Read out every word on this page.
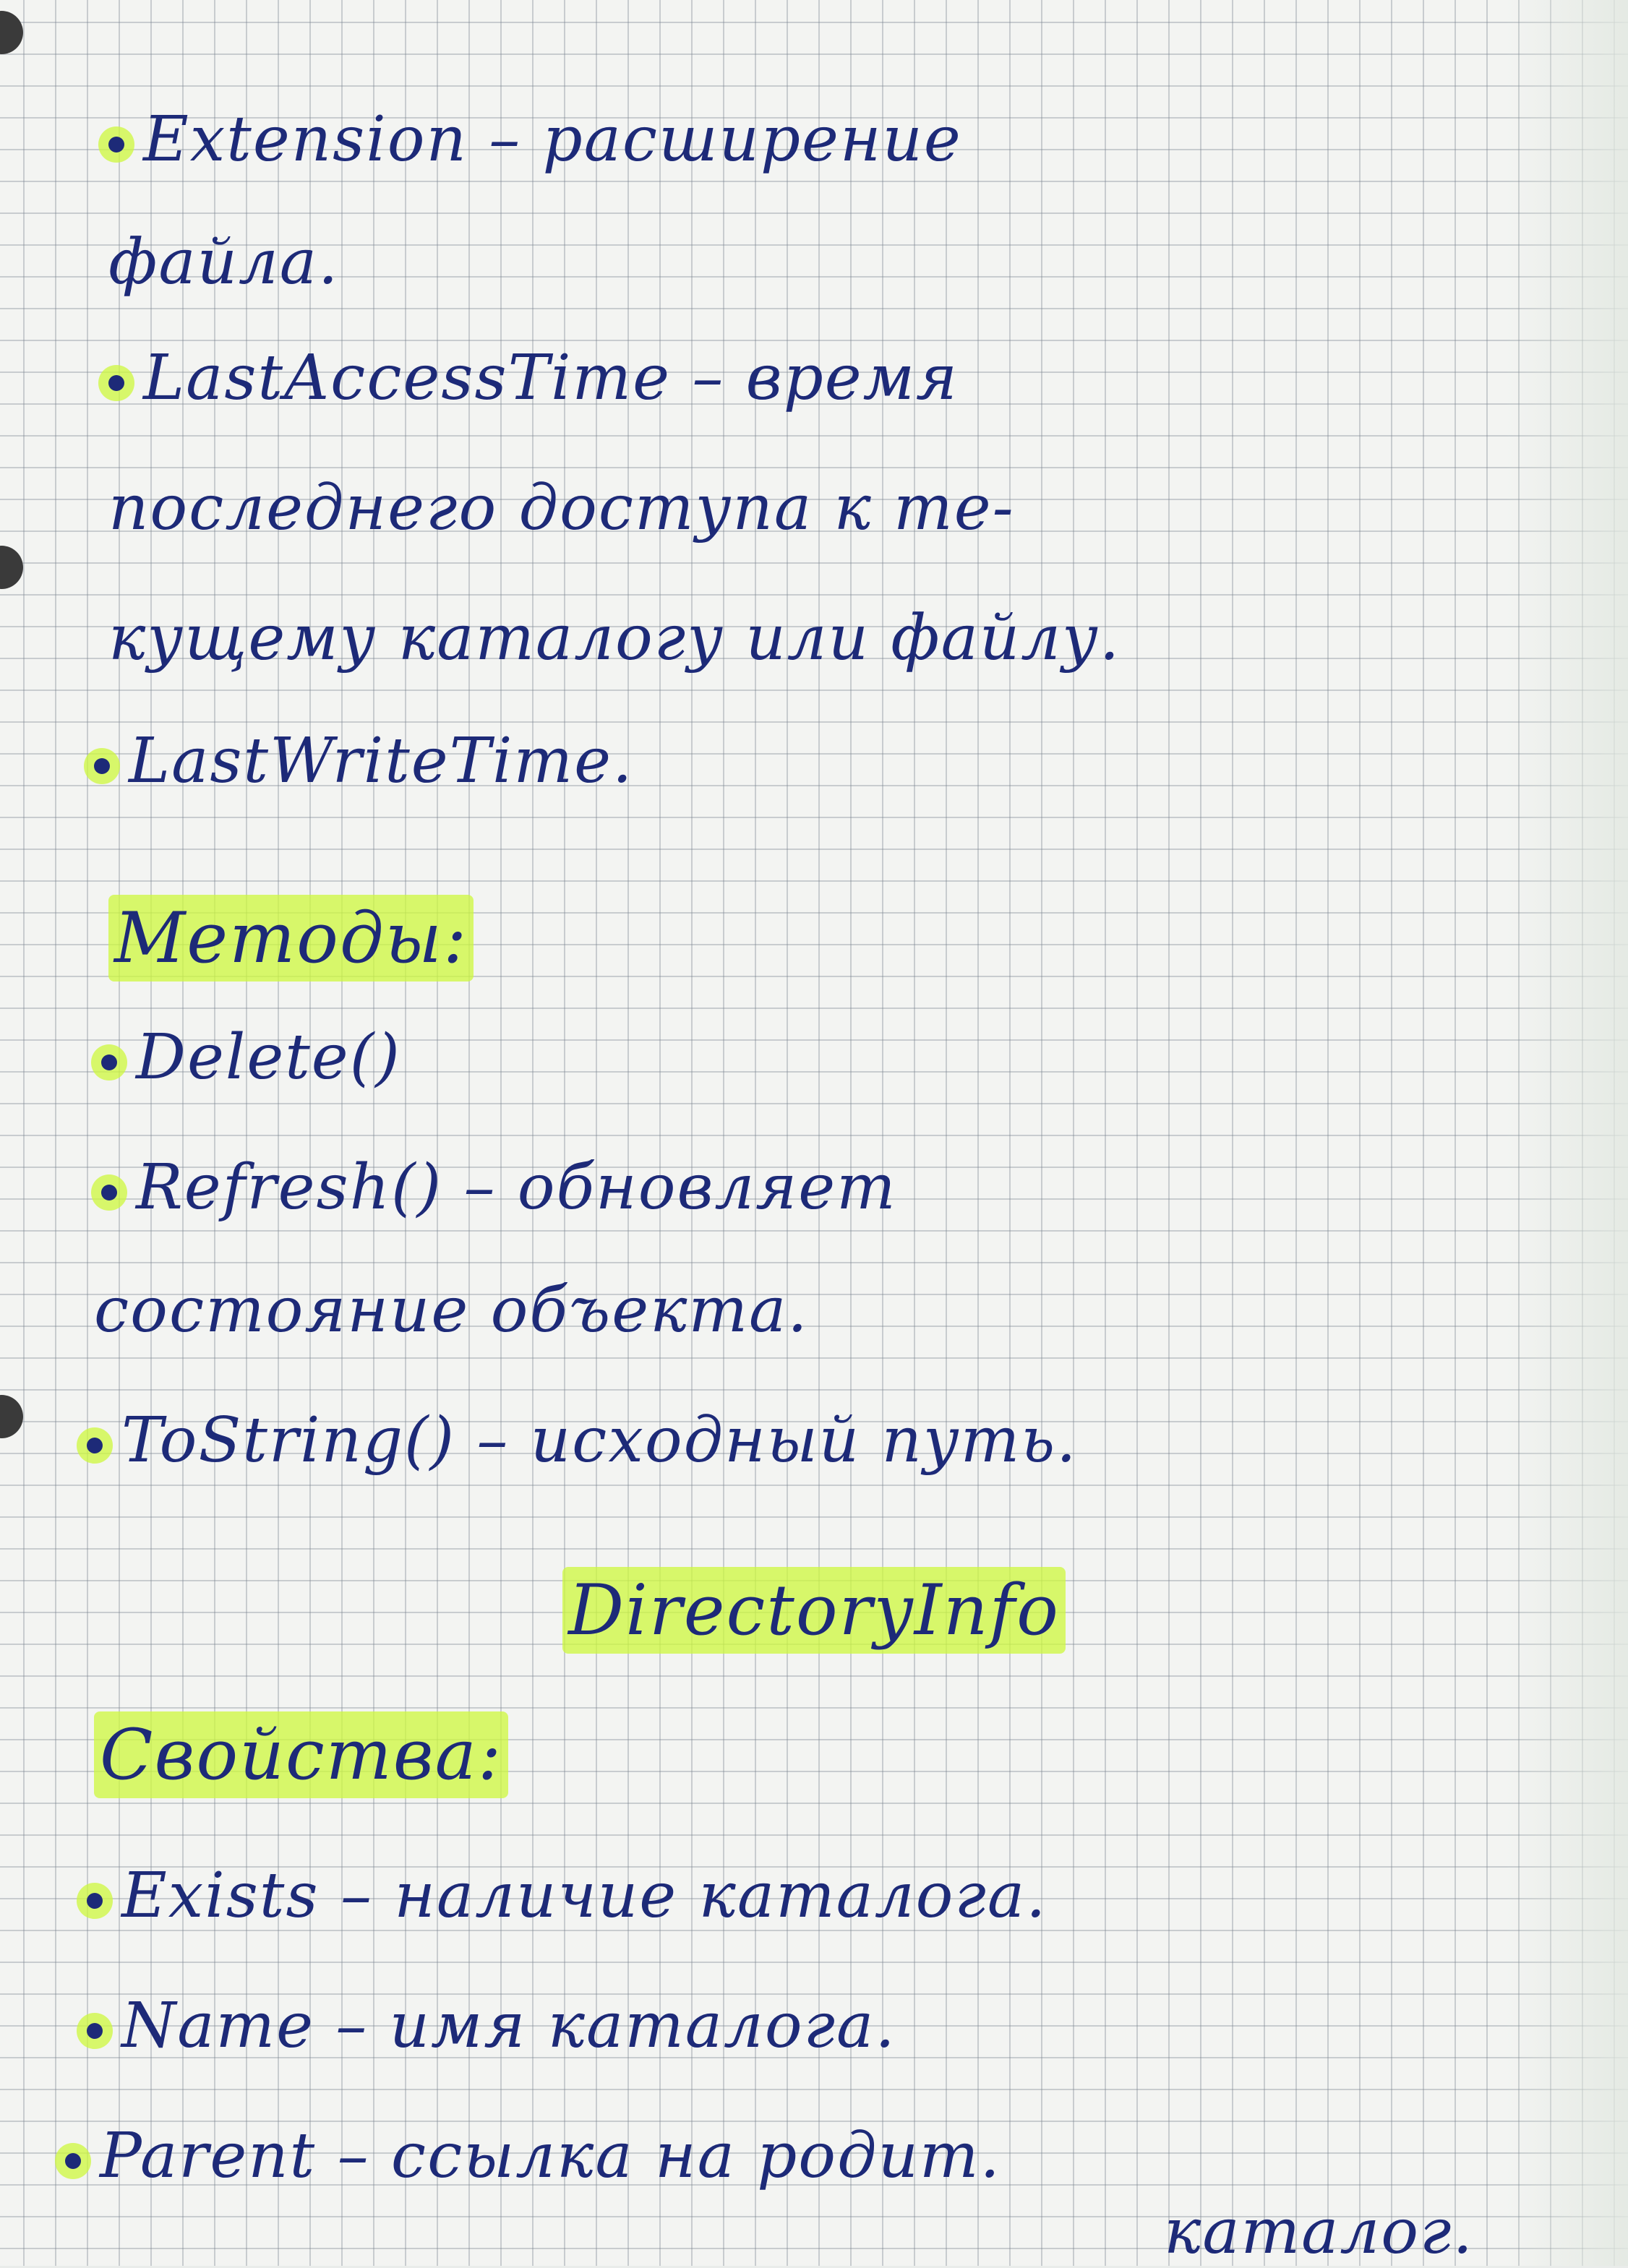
Extension – расширение
файла.
LastAccessTime – время
последнего доступа к те-
кущему каталогу или файлу.
LastWriteTime.
Методы:
Delete()
Refresh() – обновляет
состояние объекта.
ToString() – исходный путь.
DirectoryInfo
Свойства:
Exists – наличие каталога.
Name – имя каталога.
Parent – ссылка на родит.
каталог.
